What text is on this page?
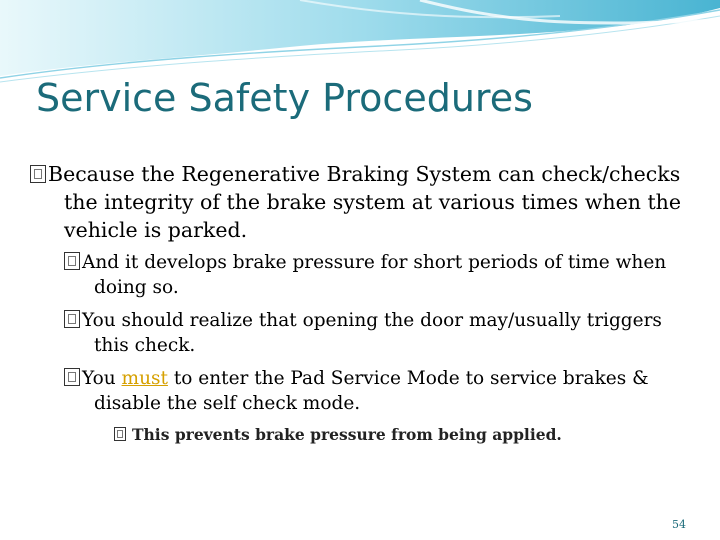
Service Safety Procedures

Because the Regenerative Braking System can check/checks the integrity of the brake system at various times when the vehicle is parked.

And it develops brake pressure for short periods of time when doing so.

You should realize that opening the door may/usually triggers this check.

You must to enter the Pad Service Mode to service brakes & disable the self check mode.

This prevents brake pressure from being applied.

54
